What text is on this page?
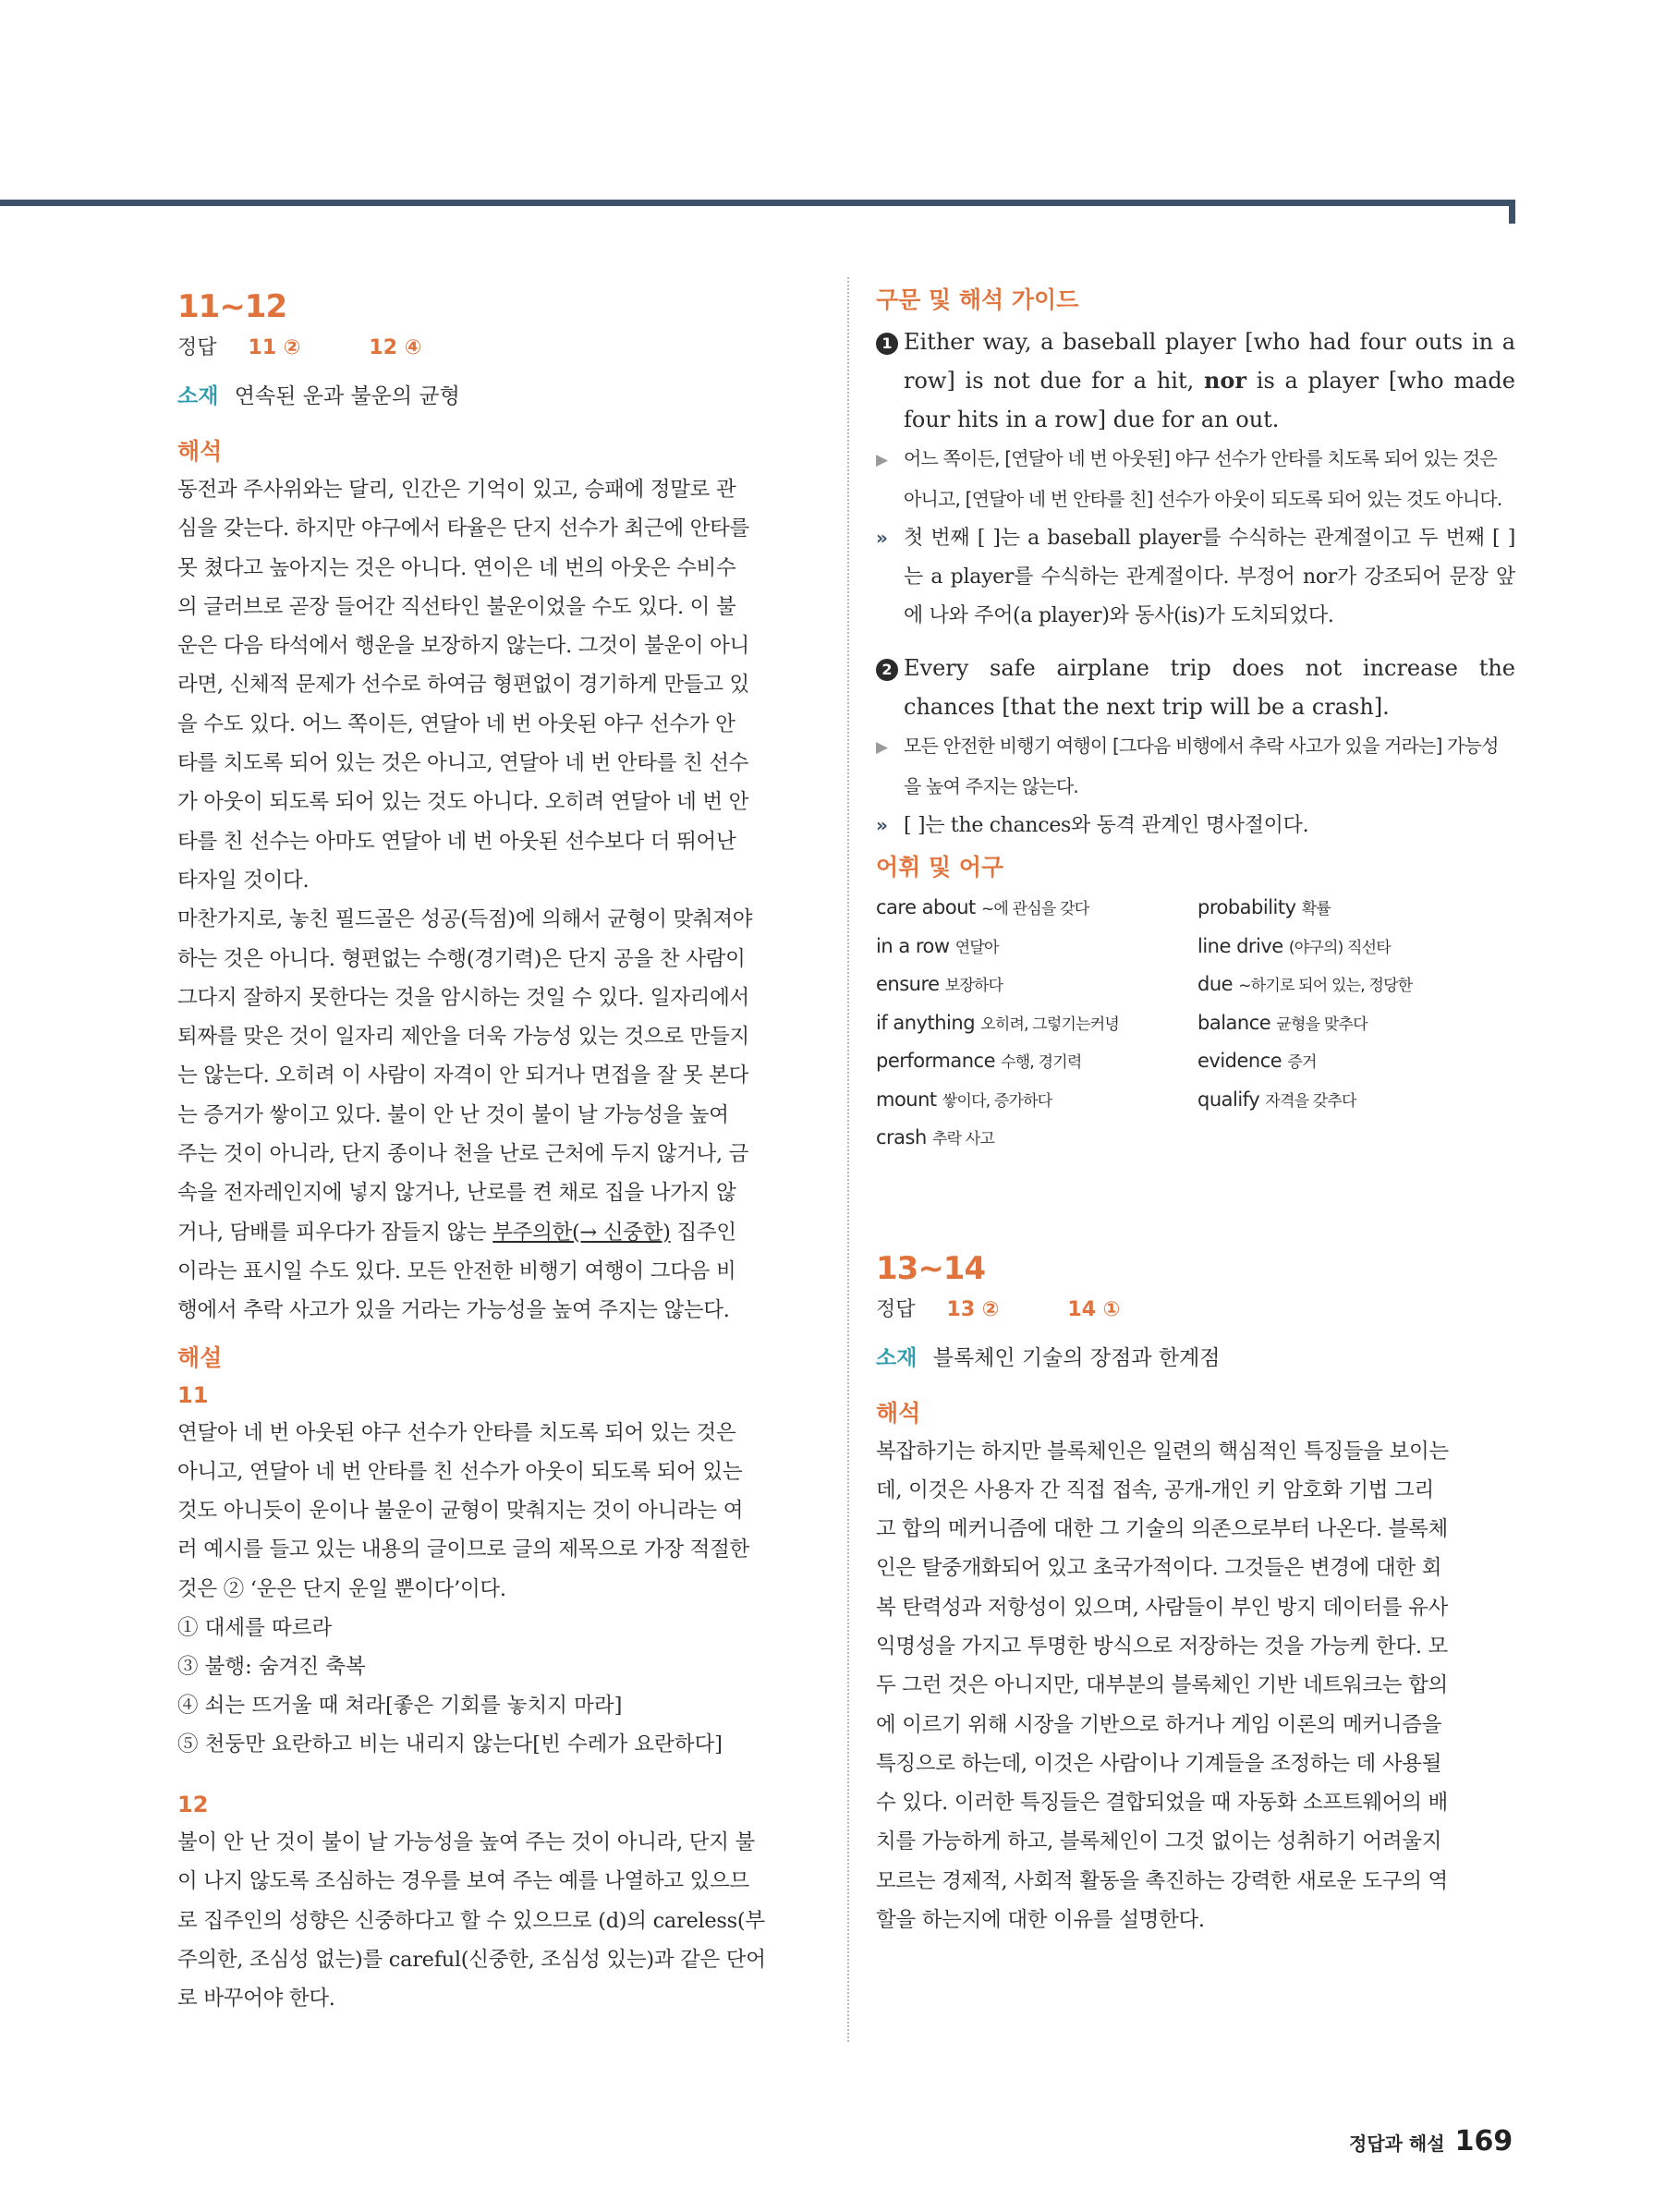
11~12
정답 11 ②	12 ④
소재 연속된 운과 불운의 균형
해석
동전과 주사위와는 달리, 인간은 기억이 있고, 승패에 정말로 관
심을 갖는다. 하지만 야구에서 타율은 단지 선수가 최근에 안타를
못 쳤다고 높아지는 것은 아니다. 연이은 네 번의 아웃은 수비수
의 글러브로 곧장 들어간 직선타인 불운이었을 수도 있다. 이 불
운은 다음 타석에서 행운을 보장하지 않는다. 그것이 불운이 아니
라면, 신체적 문제가 선수로 하여금 형편없이 경기하게 만들고 있
을 수도 있다. 어느 쪽이든, 연달아 네 번 아웃된 야구 선수가 안
타를 치도록 되어 있는 것은 아니고, 연달아 네 번 안타를 친 선수
가 아웃이 되도록 되어 있는 것도 아니다. 오히려 연달아 네 번 안
타를 친 선수는 아마도 연달아 네 번 아웃된 선수보다 더 뛰어난
타자일 것이다.
마찬가지로, 놓친 필드골은 성공(득점)에 의해서 균형이 맞춰져야
하는 것은 아니다. 형편없는 수행(경기력)은 단지 공을 찬 사람이
그다지 잘하지 못한다는 것을 암시하는 것일 수 있다. 일자리에서
퇴짜를 맞은 것이 일자리 제안을 더욱 가능성 있는 것으로 만들지
는 않는다. 오히려 이 사람이 자격이 안 되거나 면접을 잘 못 본다
는 증거가 쌓이고 있다. 불이 안 난 것이 불이 날 가능성을 높여
주는 것이 아니라, 단지 종이나 천을 난로 근처에 두지 않거나, 금
속을 전자레인지에 넣지 않거나, 난로를 켠 채로 집을 나가지 않
거나, 담배를 피우다가 잠들지 않는 부주의한(→ 신중한) 집주인
이라는 표시일 수도 있다. 모든 안전한 비행기 여행이 그다음 비
행에서 추락 사고가 있을 거라는 가능성을 높여 주지는 않는다.
해설
11
연달아 네 번 아웃된 야구 선수가 안타를 치도록 되어 있는 것은
아니고, 연달아 네 번 안타를 친 선수가 아웃이 되도록 되어 있는
것도 아니듯이 운이나 불운이 균형이 맞춰지는 것이 아니라는 여
러 예시를 들고 있는 내용의 글이므로 글의 제목으로 가장 적절한
것은 ② ‘운은 단지 운일 뿐이다’이다.

① 대세를 따르라

③ 불행: 숨겨진 축복

④ 쇠는 뜨거울 때 쳐라[좋은 기회를 놓치지 마라]

⑤ 천둥만 요란하고 비는 내리지 않는다[빈 수레가 요란하다]

12
불이 안 난 것이 불이 날 가능성을 높여 주는 것이 아니라, 단지 불
이 나지 않도록 조심하는 경우를 보여 주는 예를 나열하고 있으므
로 집주인의 성향은 신중하다고 할 수 있으므로 (d)의 careless(부
주의한, 조심성 없는)를 careful(신중한, 조심성 있는)과 같은 단어
로 바꾸어야 한다.
구문 및 해석 가이드

1 Either way, a baseball player [who had four outs in a row] is not due for a hit, nor is a player [who made four hits in a row] due for an out.

▶ 어느 쪽이든, [연달아 네 번 아웃된] 야구 선수가 안타를 치도록 되어 있는 것은 아니고, [연달아 네 번 안타를 친] 선수가 아웃이 되도록 되어 있는 것도 아니다.

» 첫 번째 [ ]는 a baseball player를 수식하는 관계절이고 두 번째 [ ]는 a player를 수식하는 관계절이다. 부정어 nor가 강조되어 문장 앞에 나와 주어(a player)와 동사(is)가 도치되었다.

2 Every safe airplane trip does not increase the chances [that the next trip will be a crash].

▶ 모든 안전한 비행기 여행이 [그다음 비행에서 추락 사고가 있을 거라는] 가능성을 높여 주지는 않는다.

» [ ]는 the chances와 동격 관계인 명사절이다.

어휘 및 어구
care about ~에 관심을 갖다	probability 확률
in a row 연달아	line drive (야구의) 직선타
ensure 보장하다	due ~하기로 되어 있는, 정당한
if anything 오히려, 그렇기는커녕	balance 균형을 맞추다
performance 수행, 경기력	evidence 증거
mount 쌓이다, 증가하다	qualify 자격을 갖추다
crash 추락 사고
13~14
정답 13 ②	14 ①
소재 블록체인 기술의 장점과 한계점
해석
복잡하기는 하지만 블록체인은 일련의 핵심적인 특징들을 보이는
데, 이것은 사용자 간 직접 접속, 공개-개인 키 암호화 기법 그리
고 합의 메커니즘에 대한 그 기술의 의존으로부터 나온다. 블록체
인은 탈중개화되어 있고 초국가적이다. 그것들은 변경에 대한 회
복 탄력성과 저항성이 있으며, 사람들이 부인 방지 데이터를 유사
익명성을 가지고 투명한 방식으로 저장하는 것을 가능케 한다. 모
두 그런 것은 아니지만, 대부분의 블록체인 기반 네트워크는 합의
에 이르기 위해 시장을 기반으로 하거나 게임 이론의 메커니즘을
특징으로 하는데, 이것은 사람이나 기계들을 조정하는 데 사용될
수 있다. 이러한 특징들은 결합되었을 때 자동화 소프트웨어의 배
치를 가능하게 하고, 블록체인이 그것 없이는 성취하기 어려울지
모르는 경제적, 사회적 활동을 촉진하는 강력한 새로운 도구의 역
할을 하는지에 대한 이유를 설명한다.
정답과 해설 169
